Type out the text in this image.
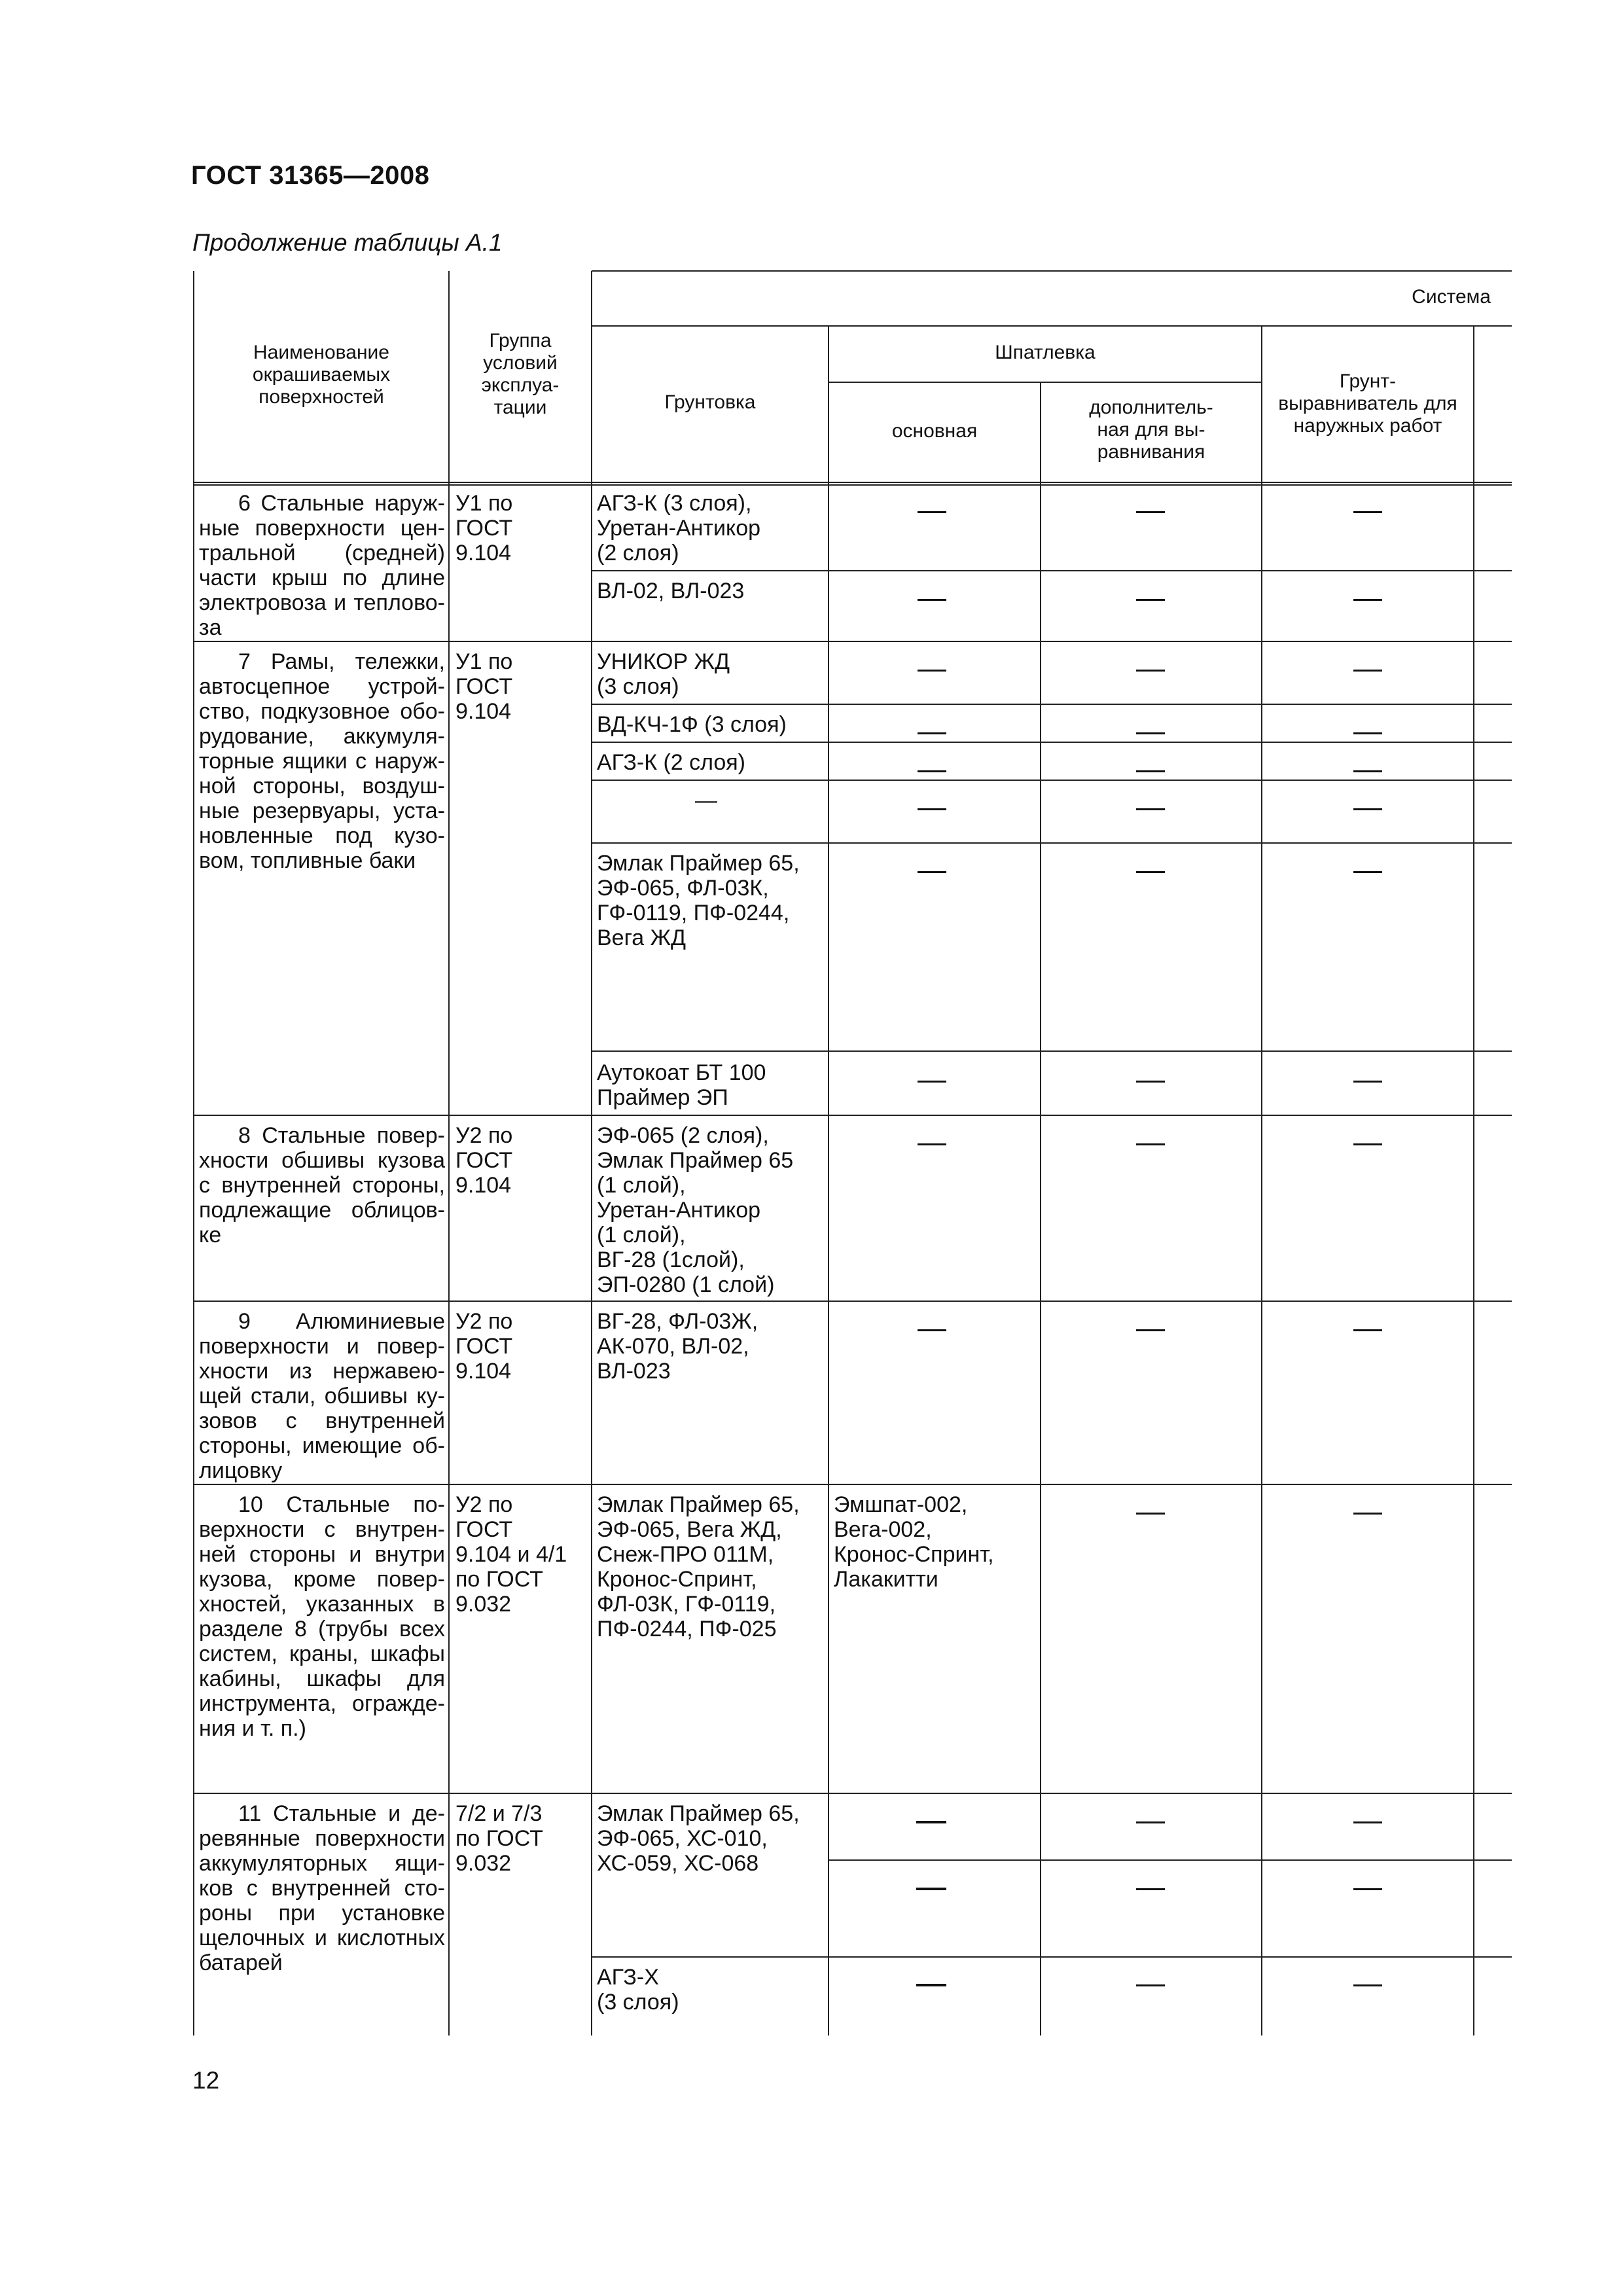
ГОСТ 31365—2008
Продолжение таблицы А.1
Наименование
окрашиваемых
поверхностей
Группа
условий
эксплуа-
тации
Система
Грунтовка
Шпатлевка
основная
дополнитель-
ная для вы-
равнивания
Грунт-
выравниватель для
наружных работ
6 Стальные наруж-
ные поверхности цен-
тральной (средней)
части крыш по длине
электровоза и теплово-
за
У1 по
ГОСТ
9.104
АГЗ-К (3 слоя),
Уретан-Антикор
(2 слоя)
ВЛ-02, ВЛ-023
7 Рамы, тележки,
автосцепное устрой-
ство, подкузовное обо-
рудование, аккумуля-
торные ящики с наруж-
ной стороны, воздуш-
ные резервуары, уста-
новленные под кузо-
вом, топливные баки
У1 по
ГОСТ
9.104
УНИКОР ЖД
(3 слоя)
ВД-КЧ-1Ф (3 слоя)
АГЗ-К (2 слоя)
—
Эмлак Праймер 65,
ЭФ-065, ФЛ-03К,
ГФ-0119, ПФ-0244,
Вега ЖД
Аутокоат БТ 100
Праймер ЭП
8 Стальные повер-
хности обшивы кузова
с внутренней стороны,
подлежащие облицов-
ке
У2 по
ГОСТ
9.104
ЭФ-065 (2 слоя),
Эмлак Праймер 65
(1 слой),
Уретан-Антикор
(1 слой),
ВГ-28 (1слой),
ЭП-0280 (1 слой)
9 Алюминиевые
поверхности и повер-
хности из нержавею-
щей стали, обшивы ку-
зовов с внутренней
стороны, имеющие об-
лицовку
У2 по
ГОСТ
9.104
ВГ-28, ФЛ-03Ж,
АК-070, ВЛ-02,
ВЛ-023
10 Стальные по-
верхности с внутрен-
ней стороны и внутри
кузова, кроме повер-
хностей, указанных в
разделе 8 (трубы всех
систем, краны, шкафы
кабины, шкафы для
инструмента, огражде-
ния и т. п.)
У2 по
ГОСТ
9.104 и 4/1
по ГОСТ
9.032
Эмлак Праймер 65,
ЭФ-065, Вега ЖД,
Снеж-ПРО 011М,
Кронос-Спринт,
ФЛ-03К, ГФ-0119,
ПФ-0244, ПФ-025
Эмшпат-002,
Вега-002,
Кронос-Спринт,
Лакакитти
11 Стальные и де-
ревянные поверхности
аккумуляторных ящи-
ков с внутренней сто-
роны при установке
щелочных и кислотных
батарей
7/2 и 7/3
по ГОСТ
9.032
Эмлак Праймер 65,
ЭФ-065, ХС-010,
ХС-059, ХС-068
АГЗ-Х
(3 слоя)
12
